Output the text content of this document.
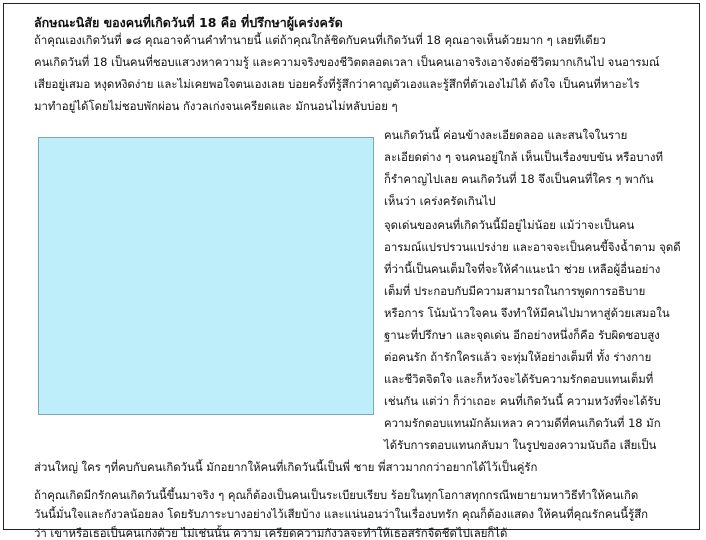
ลักษณะนิสัย ของคนที่เกิดวันที่ 18 คือ ที่ปรึกษาผู้เคร่งครัด
ถ้าคุณเองเกิดวันที่ ๑๘ คุณอาจค้านคำทำนายนี้ แต่ถ้าคุณใกล้ชิดกับคนที่เกิดวันที่ 18 คุณอาจเห็นด้วยมาก ๆ เลยทีเดียว
คนเกิดวันที่ 18 เป็นคนที่ชอบแสวงหาความรู้ และความจริงของชีวิตตลอดเวลา เป็นคนเอาจริงเอาจังต่อชีวิตมากเกินไป จนอารมณ์
เสียอยู่เสมอ หงุดหงิดง่าย และไม่เคยพอใจตนเองเลย บ่อยครั้งที่รู้สึกว่าคาญตัวเองและรู้สึกที่ตัวเองไม่ได้ ดังใจ เป็นคนที่หาอะไร
มาทำอยู่ได้โดยไม่ชอบพักผ่อน กังวลเก่งจนเครียดและ มักนอนไม่หลับบ่อย ๆ
คนเกิดวันนี้ ค่อนข้างละเอียดลออ และสนใจในราย
ละเอียดต่าง ๆ จนคนอยู่ใกล้ เห็นเป็นเรื่องขบขัน หรือบางที
ก็รำคาญไปเลย คนเกิดวันที่ 18 จึงเป็นคนที่ใคร ๆ พากัน
เห็นว่า เคร่งครัดเกินไป
จุดเด่นของคนที่เกิดวันนี้มีอยู่ไม่น้อย แม้ว่าจะเป็นคน
อารมณ์แปรปรวนแปรง่าย และอาจจะเป็นคนขี้จิงฉ้ำตาม จุดดี
ที่ว่านี้เป็นคนเต็มใจที่จะให้คำแนะนำ ช่วย เหลือผู้อื่นอย่าง
เต็มที่ ประกอบกับมีความสามารถในการพูดการอธิบาย
หรือการ โน้มน้าวใจคน จึงทำให้มีคนไปมาหาสู่ด้วยเสมอใน
ฐานะที่ปรึกษา และจุดเด่น อีกอย่างหนึ่งก็คือ รับผิดชอบสูง
ต่อคนรัก ถ้ารักใครแล้ว จะทุ่มให้อย่างเต็มที่ ทั้ง ร่างกาย
และชีวิตจิตใจ และก็หวังจะได้รับความรักตอบแทนเต็มที่
เช่นกัน แต่ว่า ก็ว่าเถอะ คนที่เกิดวันนี้ ความหวังที่จะได้รับ
ความรักตอบแทนมักล้มเหลว ความดีที่คนเกิดวันที่ 18 มัก
ได้รับการตอบแทนกลับมา ในรูปของความนับถือ เสียเป็น
ส่วนใหญ่ ใคร ๆที่คบกับคนเกิดวันนี้ มักอยากให้คนที่เกิดวันนี้เป็นพี่ ชาย พี่สาวมากกว่าอยากได้ไว้เป็นคู่รัก
ถ้าคุณเกิดมีกรักคนเกิดวันนี้ขึ้นมาจริง ๆ คุณก็ต้องเป็นคนเป็นระเบียบเรียบ ร้อยในทุกโอกาสทุกกรณีพยายามหาวิธีทำให้คนเกิด
วันนี้มั่นใจและกังวลน้อยลง โดยรับภาระบางอย่างไว้เสียบ้าง และแน่นอนว่าในเรื่องบทรัก คุณก็ต้องแสดง ให้คนที่คุณรักคนนี้รู้สึก
ว่า เขาหรือเธอเป็นคนเก่งด้วย ไม่เช่นนั้น ความ เครียดความกังวลจะทำให้เธอสรักจืดชืดไปเลยก็ได้
